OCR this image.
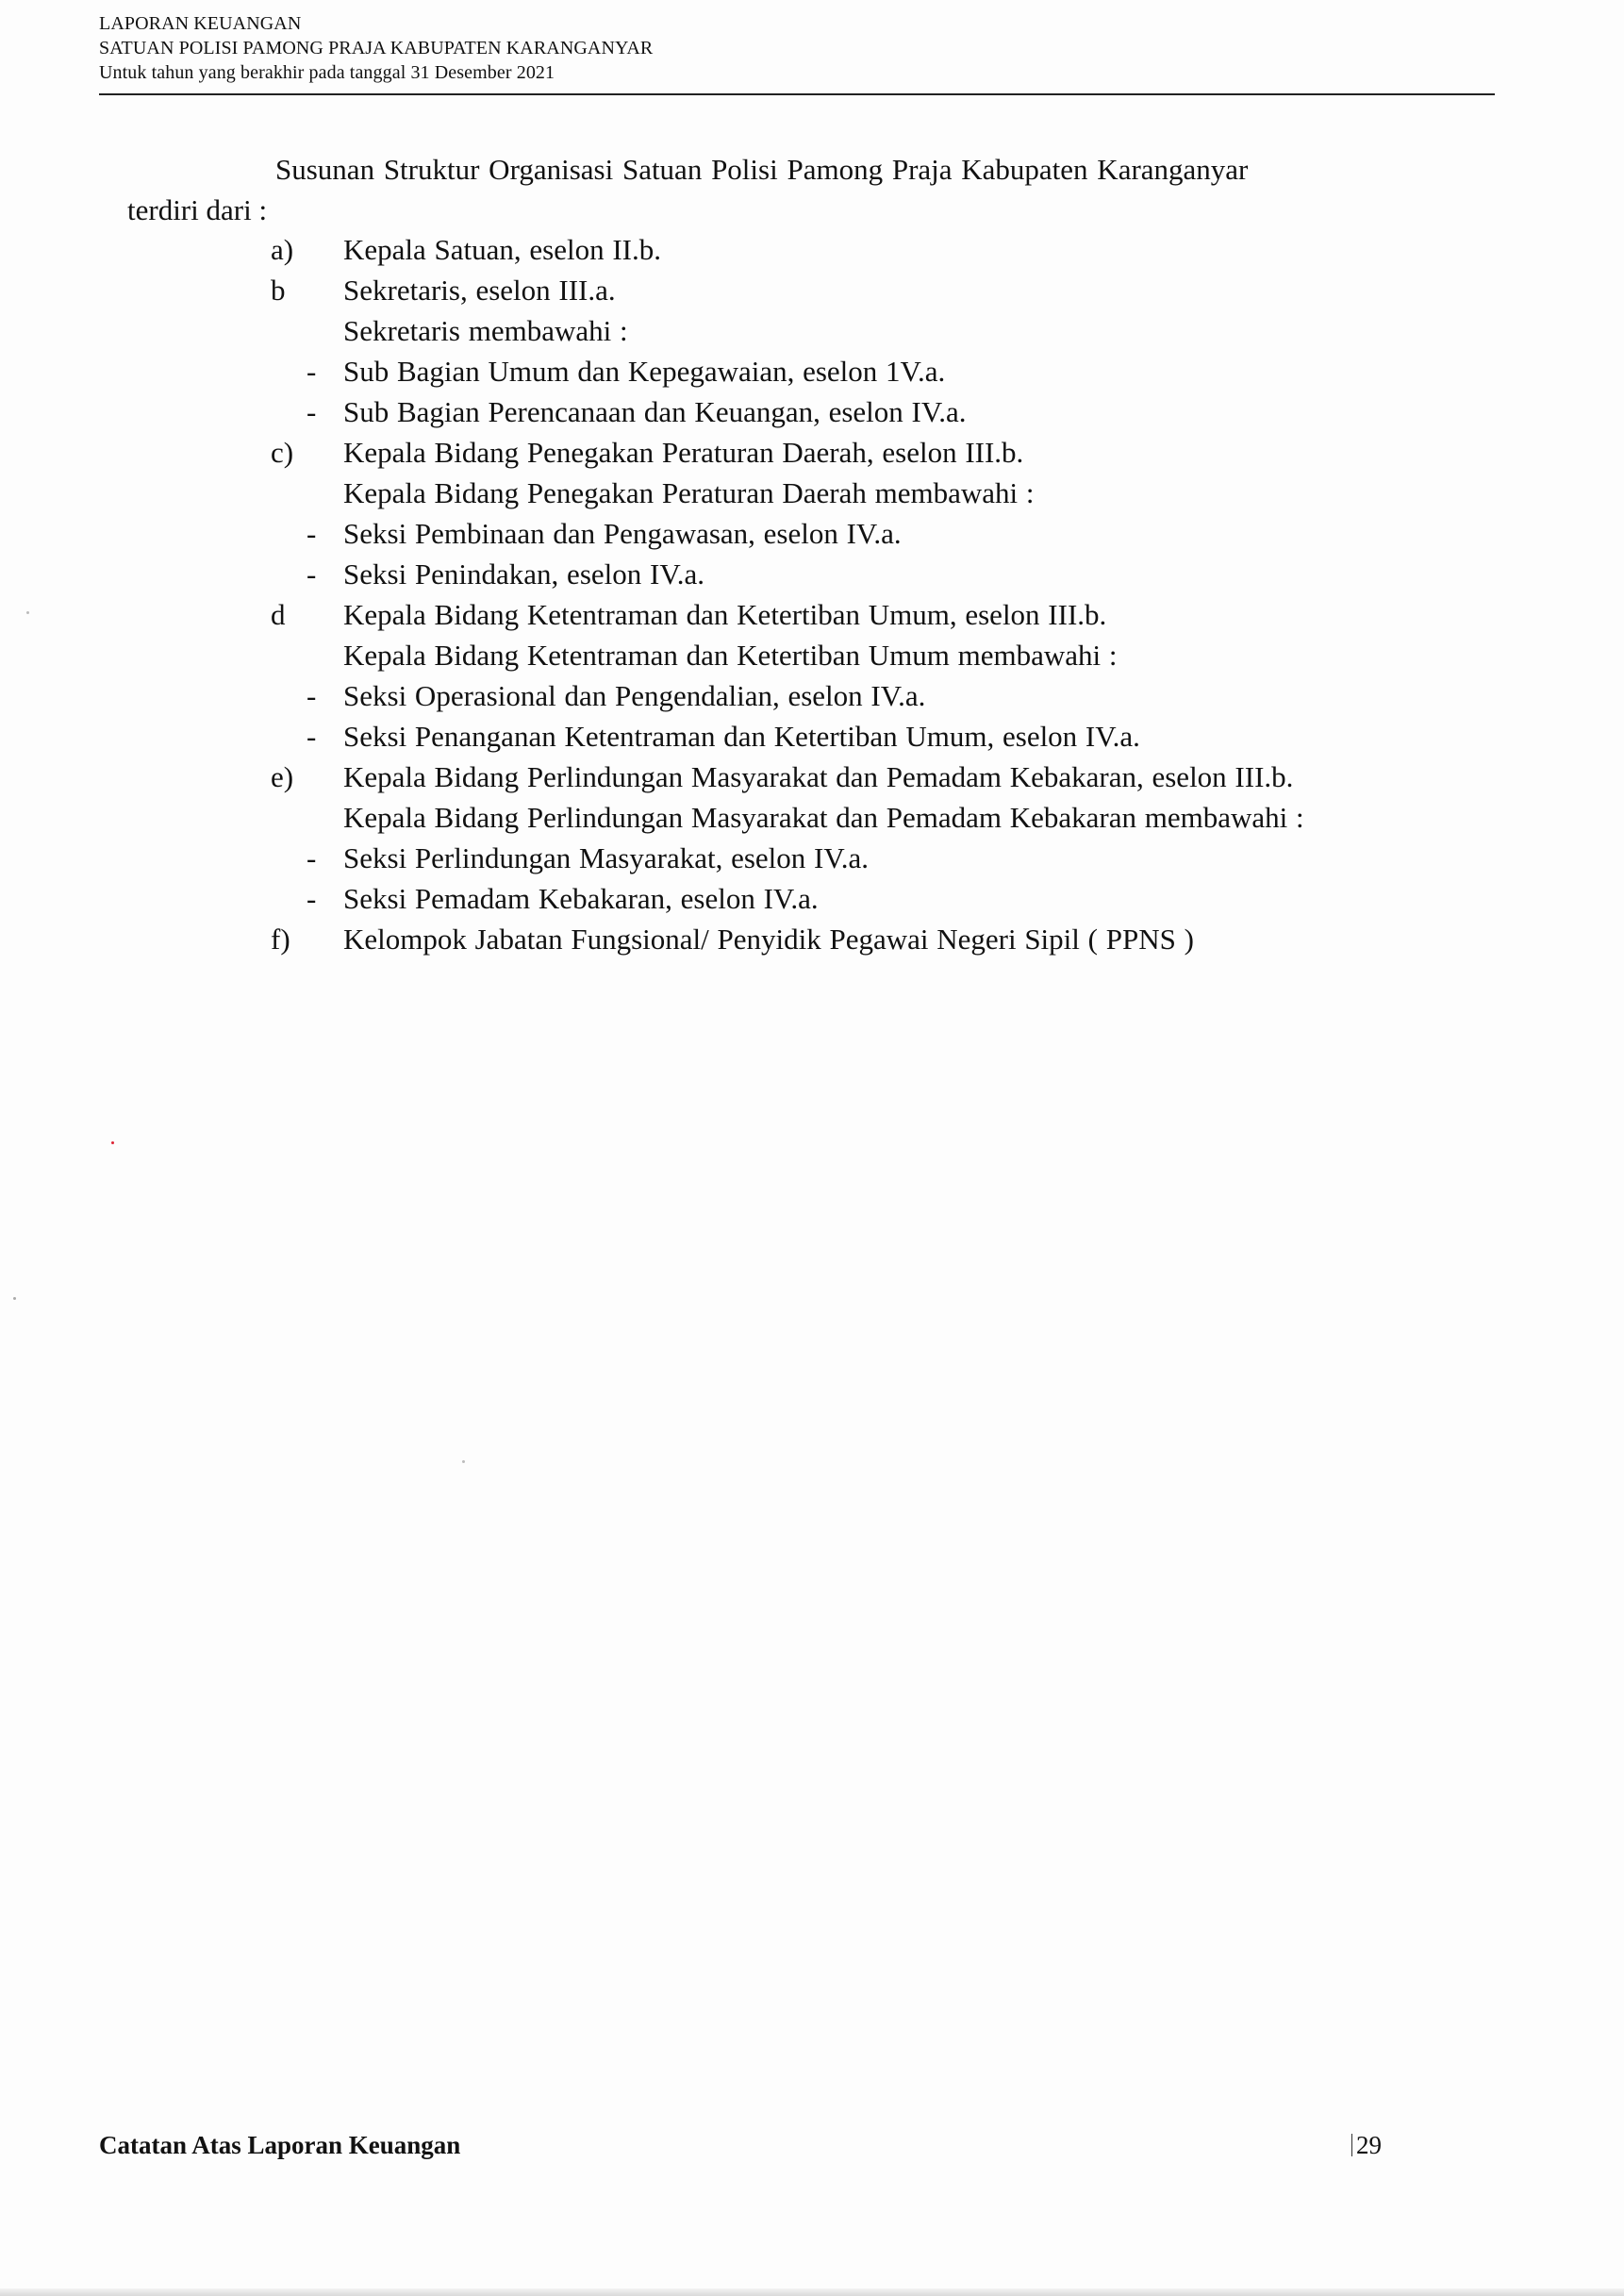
LAPORAN KEUANGAN
SATUAN POLISI PAMONG PRAJA KABUPATEN KARANGANYAR
Untuk tahun yang berakhir pada tanggal 31 Desember 2021
Susunan Struktur Organisasi Satuan Polisi Pamong Praja Kabupaten Karanganyar
terdiri dari :
a) Kepala Satuan, eselon II.b.
b Sekretaris, eselon III.a.
Sekretaris membawahi :
- Sub Bagian Umum dan Kepegawaian, eselon 1V.a.
- Sub Bagian Perencanaan dan Keuangan, eselon IV.a.
c) Kepala Bidang Penegakan Peraturan Daerah, eselon III.b.
Kepala Bidang Penegakan Peraturan Daerah membawahi :
- Seksi Pembinaan dan Pengawasan, eselon IV.a.
- Seksi Penindakan, eselon IV.a.
d Kepala Bidang Ketentraman dan Ketertiban Umum, eselon III.b.
Kepala Bidang Ketentraman dan Ketertiban Umum membawahi :
- Seksi Operasional dan Pengendalian, eselon IV.a.
- Seksi Penanganan Ketentraman dan Ketertiban Umum, eselon IV.a.
e) Kepala Bidang Perlindungan Masyarakat dan Pemadam Kebakaran, eselon III.b.
Kepala Bidang Perlindungan Masyarakat dan Pemadam Kebakaran membawahi :
- Seksi Perlindungan Masyarakat, eselon IV.a.
- Seksi Pemadam Kebakaran, eselon IV.a.
f) Kelompok Jabatan Fungsional/ Penyidik Pegawai Negeri Sipil ( PPNS )
Catatan Atas Laporan Keuangan	29
